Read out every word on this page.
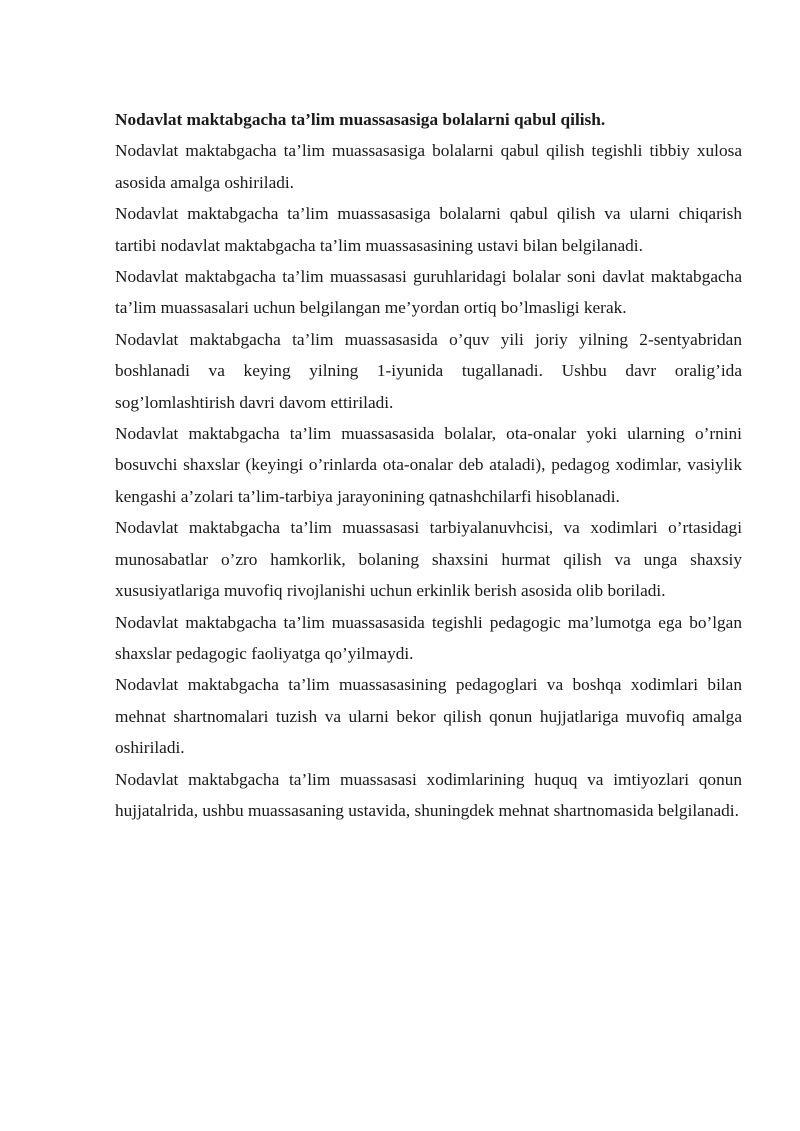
Nodavlat maktabgacha ta’lim muassasasiga bolalarni qabul qilish.

Nodavlat maktabgacha ta’lim muassasasiga bolalarni qabul qilish tegishli tibbiy xulosa asosida amalga oshiriladi.

Nodavlat maktabgacha ta’lim muassasasiga bolalarni qabul qilish va ularni chiqarish tartibi nodavlat maktabgacha ta’lim muassasasining ustavi bilan belgilanadi.

Nodavlat maktabgacha ta’lim muassasasi guruhlaridagi bolalar soni davlat maktabgacha ta’lim muassasalari uchun belgilangan me’yordan ortiq bo’lmasligi kerak.

Nodavlat maktabgacha ta’lim muassasasida o’quv yili joriy yilning 2-sentyabridan boshlanadi va keying yilning 1-iyunida tugallanadi. Ushbu davr oralig’ida sog’lomlashtirish davri davom ettiriladi.

Nodavlat maktabgacha ta’lim muassasasida bolalar, ota-onalar yoki ularning o’rnini bosuvchi shaxslar (keyingi o’rinlarda ota-onalar deb ataladi), pedagog xodimlar, vasiylik kengashi a’zolari ta’lim-tarbiya jarayonining qatnashchilarfi hisoblanadi.

Nodavlat maktabgacha ta’lim muassasasi tarbiyalanuvhcisi, va xodimlari o’rtasidagi munosabatlar o’zro hamkorlik, bolaning shaxsini hurmat qilish va unga shaxsiy xususiyatlariga muvofiq rivojlanishi uchun erkinlik berish asosida olib boriladi.

Nodavlat maktabgacha ta’lim muassasasida tegishli pedagogic ma’lumotga ega bo’lgan shaxslar pedagogic faoliyatga qo’yilmaydi.

Nodavlat maktabgacha ta’lim muassasasining pedagoglari va boshqa xodimlari bilan mehnat shartnomalari tuzish va ularni bekor qilish qonun hujjatlariga muvofiq amalga oshiriladi.

Nodavlat maktabgacha ta’lim muassasasi xodimlarining huquq va imtiyozlari qonun hujjatalrida, ushbu muassasaning ustavida, shuningdek mehnat shartnomasida belgilanadi.
